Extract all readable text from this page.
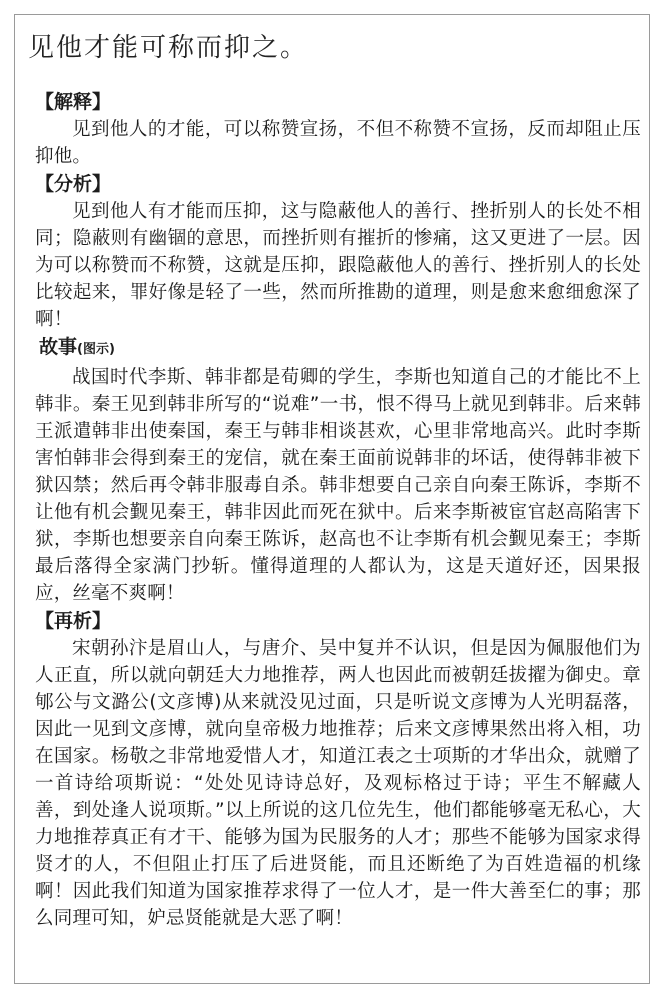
见他才能可称而抑之。
【解释】

见到他人的才能，可以称赞宣扬，不但不称赞不宣扬，反而却阻止压抑他。

【分析】

见到他人有才能而压抑，这与隐蔽他人的善行、挫折别人的长处不相同；隐蔽则有幽锢的意思，而挫折则有摧折的惨痛，这又更进了一层。因为可以称赞而不称赞，这就是压抑，跟隐蔽他人的善行、挫折别人的长处比较起来，罪好像是轻了一些，然而所推勘的道理，则是愈来愈细愈深了啊！

故事(图示)

战国时代李斯、韩非都是荀卿的学生，李斯也知道自己的才能比不上韩非。秦王见到韩非所写的“说难”一书，恨不得马上就见到韩非。后来韩王派遣韩非出使秦国，秦王与韩非相谈甚欢，心里非常地高兴。此时李斯害怕韩非会得到秦王的宠信，就在秦王面前说韩非的坏话，使得韩非被下狱囚禁；然后再令韩非服毒自杀。韩非想要自己亲自向秦王陈诉，李斯不让他有机会觐见秦王，韩非因此而死在狱中。后来李斯被宦官赵高陷害下狱，李斯也想要亲自向秦王陈诉，赵高也不让李斯有机会觐见秦王；李斯最后落得全家满门抄斩。懂得道理的人都认为，这是天道好还，因果报应，丝毫不爽啊！

【再析】

宋朝孙汴是眉山人，与唐介、吴中复并不认识，但是因为佩服他们为人正直，所以就向朝廷大力地推荐，两人也因此而被朝廷拔擢为御史。章郇公与文潞公(文彦博)从来就没见过面，只是听说文彦博为人光明磊落，因此一见到文彦博，就向皇帝极力地推荐；后来文彦博果然出将入相，功在国家。杨敬之非常地爱惜人才，知道江表之士项斯的才华出众，就赠了一首诗给项斯说：“处处见诗诗总好，及观标格过于诗；平生不解藏人善，到处逢人说项斯。”以上所说的这几位先生，他们都能够毫无私心，大力地推荐真正有才干、能够为国为民服务的人才；那些不能够为国家求得贤才的人，不但阻止打压了后进贤能，而且还断绝了为百姓造福的机缘啊！因此我们知道为国家推荐求得了一位人才，是一件大善至仁的事；那么同理可知，妒忌贤能就是大恶了啊！
